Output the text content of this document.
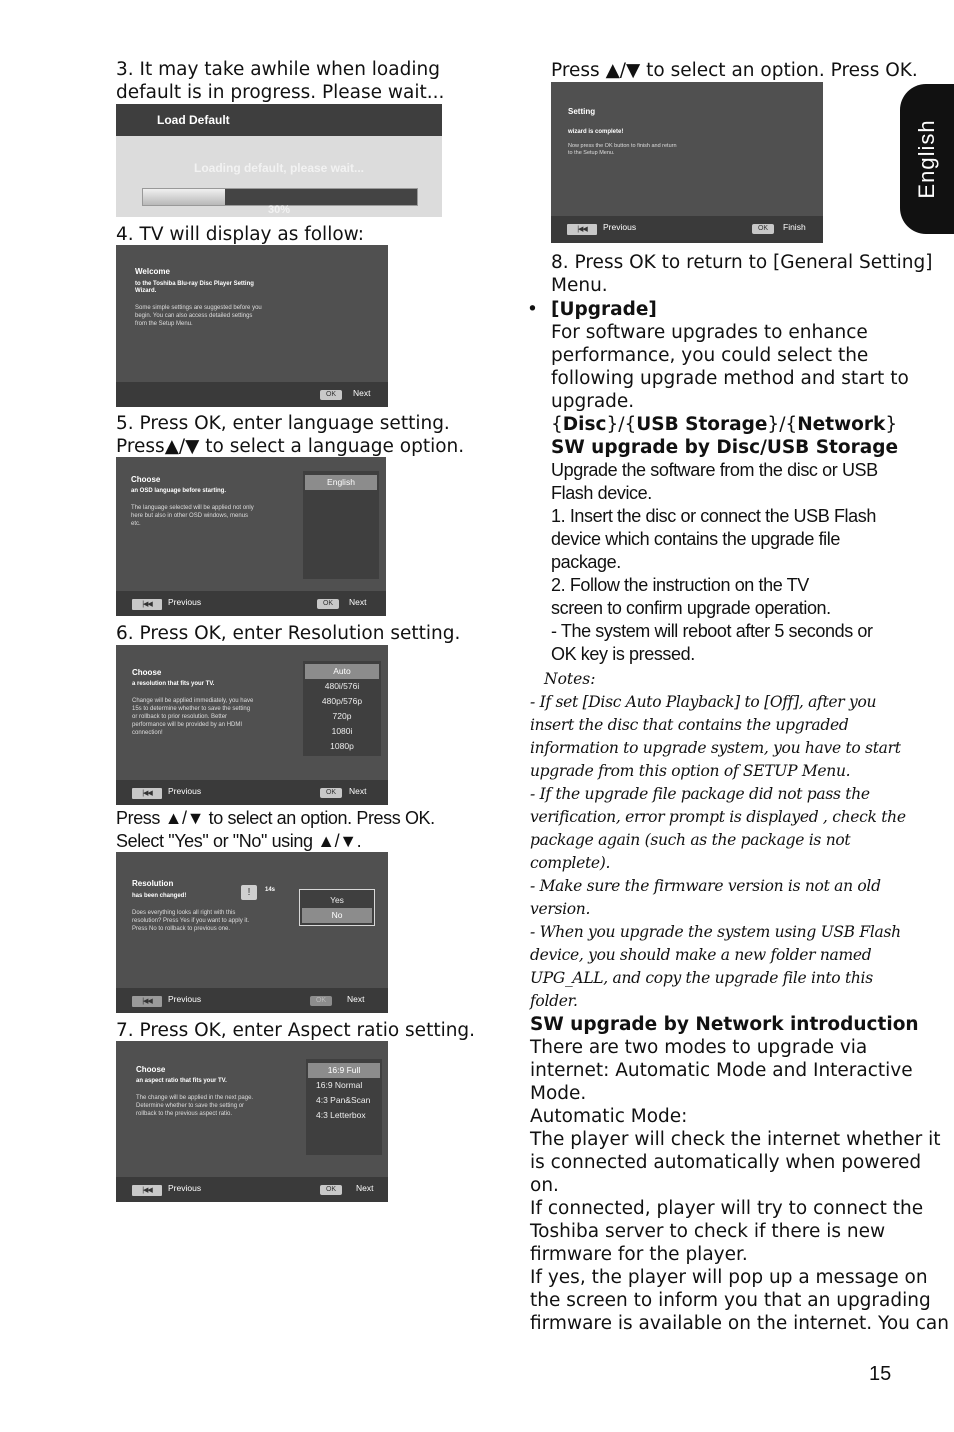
English
3. It may take awhile when loading
default is in progress. Please wait...
Load Default
Loading default, please wait...
30%
4. TV will display as follow:
Welcome
to the Toshiba Blu-ray Disc Player Setting
Wizard.
Some simple settings are suggested before you
begin. You can also access detailed settings
from the Setup Menu.
OK	Next
5. Press OK, enter language setting.
Press▲/▼ to select a language option.
Choose
an OSD language before starting.
The language selected will be applied not only
here but also in other OSD windows, menus
etc.
English
|◀◀	Previous	OK	Next
6. Press OK, enter Resolution setting.
Choose
a resolution that fits your TV.
Change will be applied immediately, you have
15s to determine whether to save the setting
or rollback to prior resolution. Better
performance will be provided by an HDMI
connection!
Auto
480i/576i
480p/576p
720p
1080i
1080p
|◀◀	Previous	OK	Next
Press ▲/▼ to select an option. Press OK.
Select "Yes" or "No" using ▲/▼.
Resolution
has been changed!	!	14s
Does everything looks all right with this
resolution? Press Yes if you want to apply it.
Press No to rollback to previous one.
Yes
No
|◀◀	Previous	OK	Next
7. Press OK, enter Aspect ratio setting.
Choose
an aspect ratio that fits your TV.
The change will be applied in the next page.
Determine whether to save the setting or
rollback to the previous aspect ratio.
16:9 Full
16:9 Normal
4:3 Pan&Scan
4:3 Letterbox
|◀◀	Previous	OK	Next
Press ▲/▼ to select an option. Press OK.
Setting
wizard is complete!
Now press the OK button to finish and return
to the Setup Menu.
|◀◀	Previous	OK	Finish
8. Press OK to return to [General Setting]
Menu.
• [Upgrade]
For software upgrades to enhance
performance, you could select the
following upgrade method and start to
upgrade.
{Disc}/{USB Storage}/{Network}
SW upgrade by Disc/USB Storage
Upgrade the software from the disc or USB
Flash device.
1. Insert the disc or connect the USB Flash
device which contains the upgrade file
package.
2. Follow the instruction on the TV
screen to confirm upgrade operation.
- The system will reboot after 5 seconds or
OK key is pressed.
Notes:
- If set [Disc Auto Playback] to [Off], after you
insert the disc that contains the upgraded
information to upgrade system, you have to start
upgrade from this option of SETUP Menu.
- If the upgrade file package did not pass the
verification, error prompt is displayed , check the
package again (such as the package is not
complete).
- Make sure the firmware version is not an old
version.
- When you upgrade the system using USB Flash
device, you should make a new folder named
UPG_ALL, and copy the upgrade file into this
folder.
SW upgrade by Network introduction
There are two modes to upgrade via
internet: Automatic Mode and Interactive
Mode.
Automatic Mode:
The player will check the internet whether it
is connected automatically when powered on.
If connected, player will try to connect the
Toshiba server to check if there is new
firmware for the player.
If yes, the player will pop up a message on
the screen to inform you that an upgrading
firmware is available on the internet. You can
15
